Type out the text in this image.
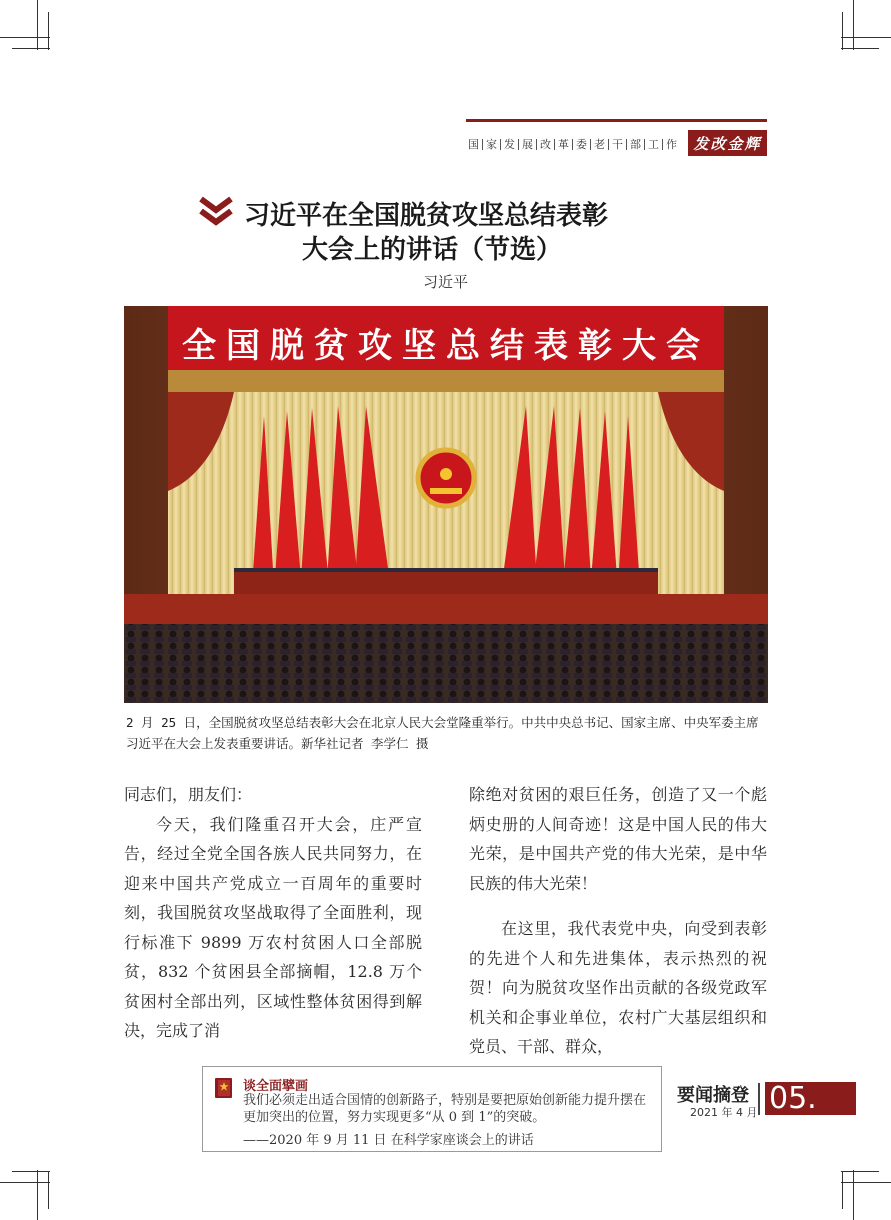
国 家 发 展 改 革 委 老 干 部 工 作	发改金辉
习近平在全国脱贫攻坚总结表彰
大会上的讲话（节选）
习近平
全国脱贫攻坚总结表彰大会
2 月 25 日，全国脱贫攻坚总结表彰大会在北京人民大会堂隆重举行。中共中央总书记、国家主席、中央军委主席习近平在大会上发表重要讲话。新华社记者 李学仁 摄

同志们，朋友们：

今天，我们隆重召开大会，庄严宣告，经过全党全国各族人民共同努力，在迎来中国共产党成立一百周年的重要时刻，我国脱贫攻坚战取得了全面胜利，现行标准下 9899 万农村贫困人口全部脱贫，832 个贫困县全部摘帽，12.8 万个贫困村全部出列，区域性整体贫困得到解决，完成了消

除绝对贫困的艰巨任务，创造了又一个彪炳史册的人间奇迹！这是中国人民的伟大光荣，是中国共产党的伟大光荣，是中华民族的伟大光荣！

在这里，我代表党中央，向受到表彰的先进个人和先进集体，表示热烈的祝贺！向为脱贫攻坚作出贡献的各级党政军机关和企事业单位，农村广大基层组织和党员、干部、群众，

谈全面擘画
我们必须走出适合国情的创新路子，特别是要把原始创新能力提升摆在更加突出的位置，努力实现更多“从 0 到 1”的突破。
——2020 年 9 月 11 日 在科学家座谈会上的讲话
要闻摘登
2021 年 4 月 05.
